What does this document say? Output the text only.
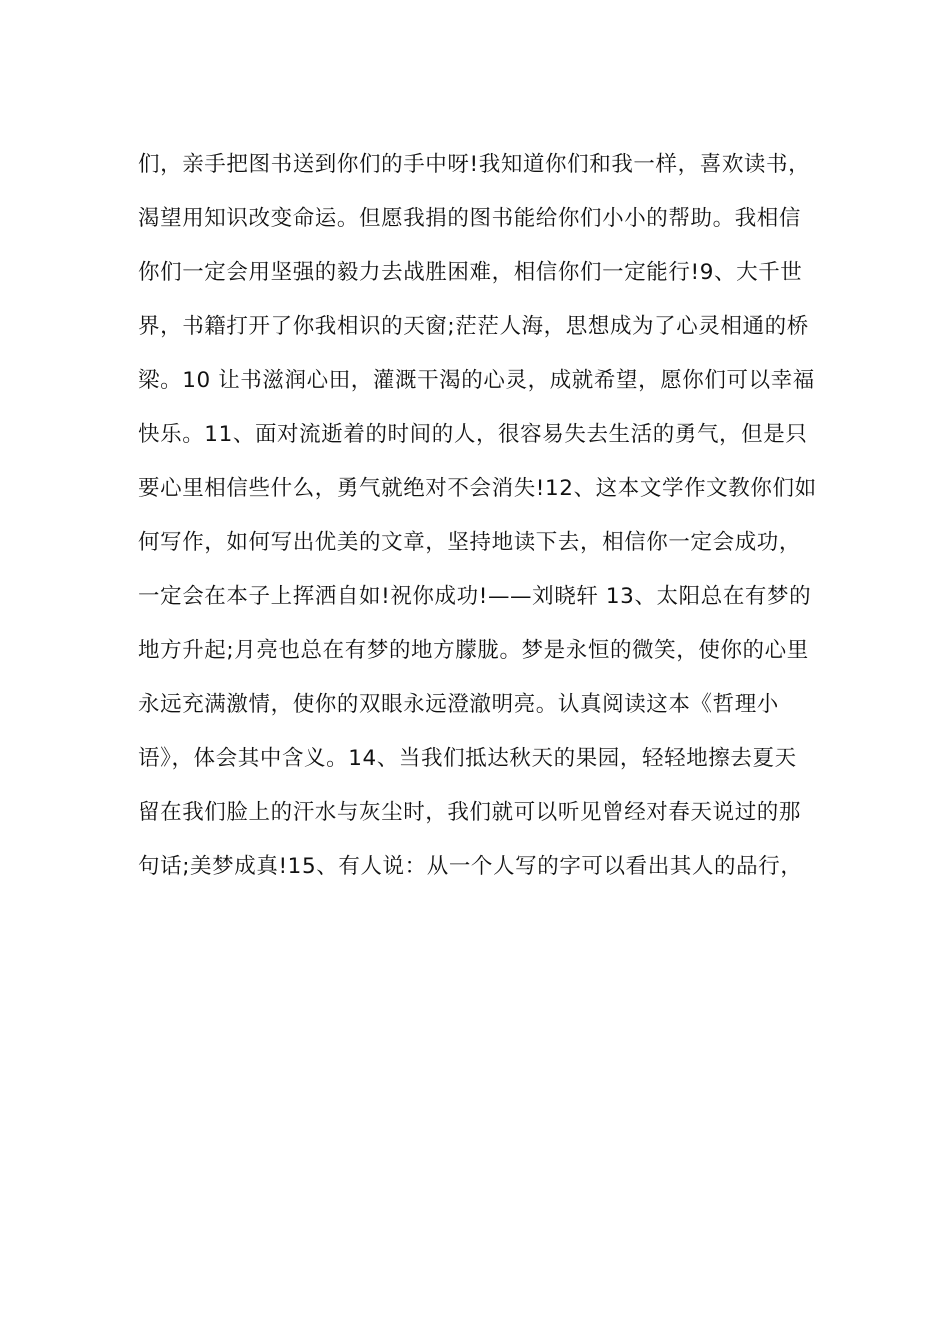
们，亲手把图书送到你们的手中呀!我知道你们和我一样，喜欢读书，
渴望用知识改变命运。但愿我捐的图书能给你们小小的帮助。我相信
你们一定会用坚强的毅力去战胜困难，相信你们一定能行!9、大千世
界，书籍打开了你我相识的天窗;茫茫人海，思想成为了心灵相通的桥
梁。10 让书滋润心田，灌溉干渴的心灵，成就希望，愿你们可以幸福
快乐。11、面对流逝着的时间的人，很容易失去生活的勇气，但是只
要心里相信些什么，勇气就绝对不会消失!12、这本文学作文教你们如
何写作，如何写出优美的文章，坚持地读下去，相信你一定会成功，
一定会在本子上挥洒自如!祝你成功!——刘晓轩 13、太阳总在有梦的
地方升起;月亮也总在有梦的地方朦胧。梦是永恒的微笑，使你的心里
永远充满激情，使你的双眼永远澄澈明亮。认真阅读这本《哲理小
语》，体会其中含义。14、当我们抵达秋天的果园，轻轻地擦去夏天
留在我们脸上的汗水与灰尘时，我们就可以听见曾经对春天说过的那
句话;美梦成真!15、有人说：从一个人写的字可以看出其人的品行，
